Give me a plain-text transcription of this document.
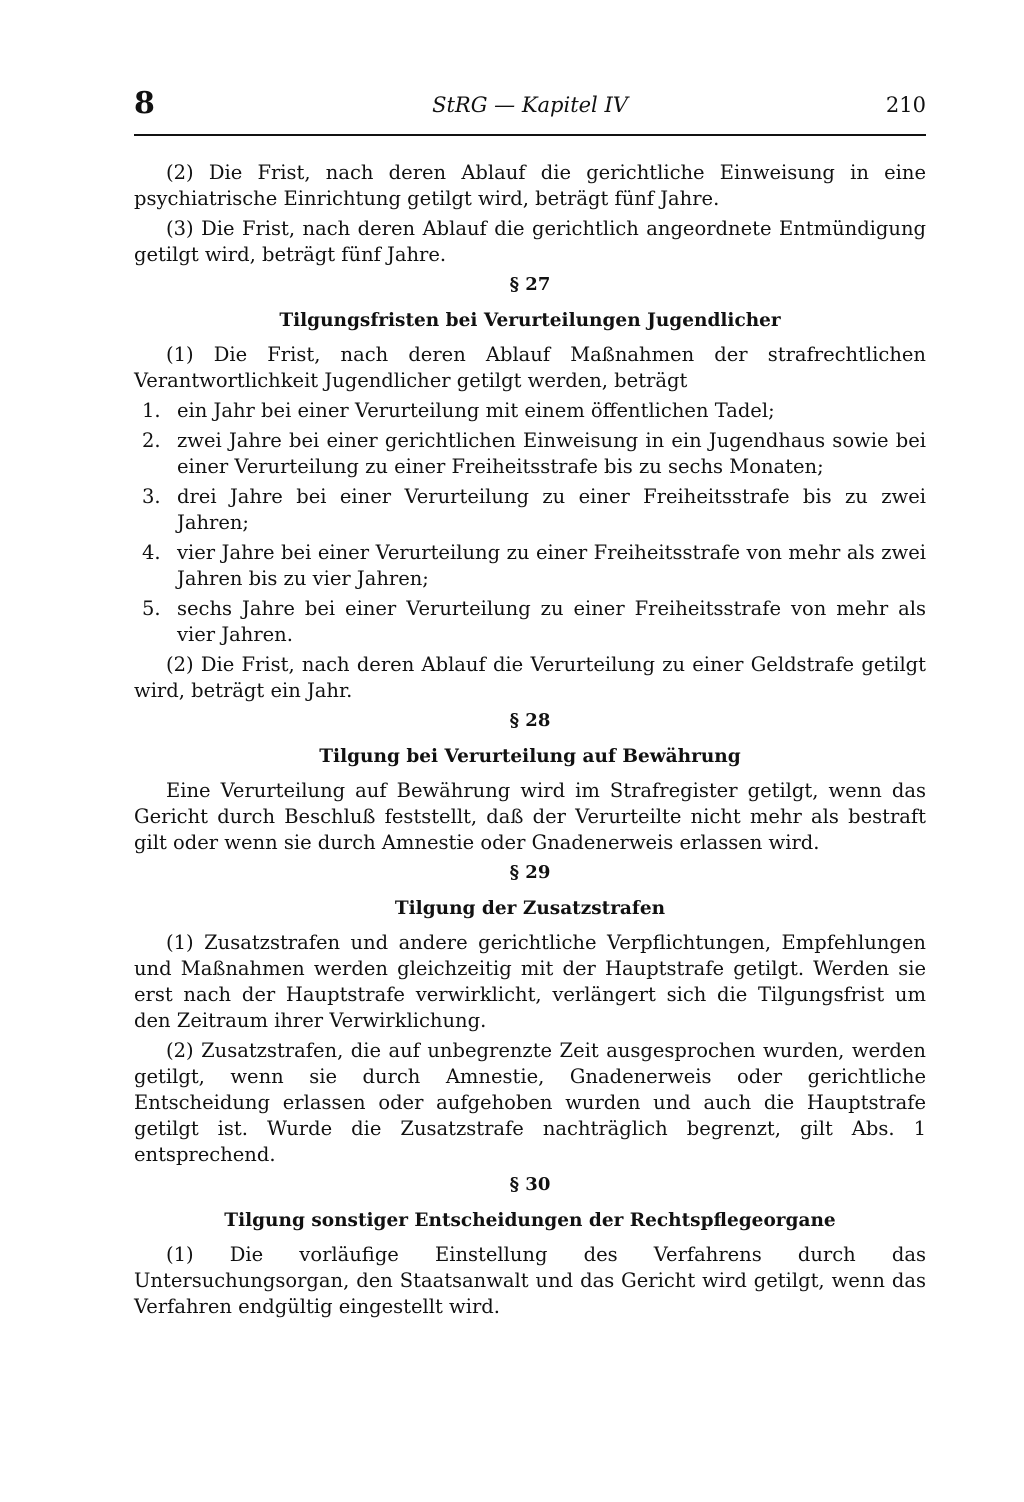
8	StRG — Kapitel IV	210

(2) Die Frist, nach deren Ablauf die gerichtliche Einweisung in eine psychiatrische Einrichtung getilgt wird, beträgt fünf Jahre.

(3) Die Frist, nach deren Ablauf die gerichtlich angeordnete Entmündigung getilgt wird, beträgt fünf Jahre.

§ 27
Tilgungsfristen bei Verurteilungen Jugendlicher

(1) Die Frist, nach deren Ablauf Maßnahmen der strafrechtlichen Verantwortlichkeit Jugendlicher getilgt werden, beträgt

1. ein Jahr bei einer Verurteilung mit einem öffentlichen Tadel;
2. zwei Jahre bei einer gerichtlichen Einweisung in ein Jugendhaus sowie bei einer Verurteilung zu einer Freiheitsstrafe bis zu sechs Monaten;
3. drei Jahre bei einer Verurteilung zu einer Freiheitsstrafe bis zu zwei Jahren;
4. vier Jahre bei einer Verurteilung zu einer Freiheitsstrafe von mehr als zwei Jahren bis zu vier Jahren;
5. sechs Jahre bei einer Verurteilung zu einer Freiheitsstrafe von mehr als vier Jahren.

(2) Die Frist, nach deren Ablauf die Verurteilung zu einer Geldstrafe getilgt wird, beträgt ein Jahr.

§ 28
Tilgung bei Verurteilung auf Bewährung

Eine Verurteilung auf Bewährung wird im Strafregister getilgt, wenn das Gericht durch Beschluß feststellt, daß der Verurteilte nicht mehr als bestraft gilt oder wenn sie durch Amnestie oder Gnadenerweis erlassen wird.

§ 29
Tilgung der Zusatzstrafen

(1) Zusatzstrafen und andere gerichtliche Verpflichtungen, Empfehlungen und Maßnahmen werden gleichzeitig mit der Hauptstrafe getilgt. Werden sie erst nach der Hauptstrafe verwirklicht, verlängert sich die Tilgungsfrist um den Zeitraum ihrer Verwirklichung.

(2) Zusatzstrafen, die auf unbegrenzte Zeit ausgesprochen wurden, werden getilgt, wenn sie durch Amnestie, Gnadenerweis oder gerichtliche Entscheidung erlassen oder aufgehoben wurden und auch die Hauptstrafe getilgt ist. Wurde die Zusatzstrafe nachträglich begrenzt, gilt Abs. 1 entsprechend.

§ 30
Tilgung sonstiger Entscheidungen der Rechtspflegeorgane

(1) Die vorläufige Einstellung des Verfahrens durch das Untersuchungsorgan, den Staatsanwalt und das Gericht wird getilgt, wenn das Verfahren endgültig eingestellt wird.
